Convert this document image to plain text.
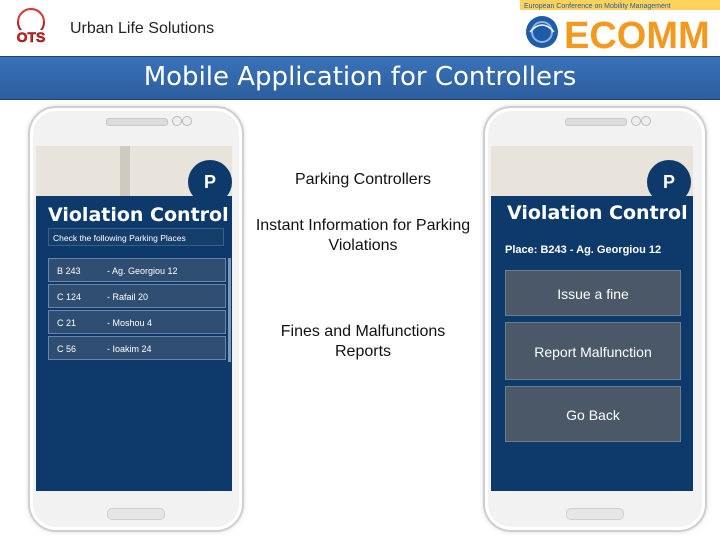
OTS Urban Life Solutions
European Conference on Mobility Management
ECOMM
Mobile Application for Controllers
P
Violation Control
Check the following Parking Places
B 243	- Ag. Georgiou 12
C 124	- Rafail 20
C 21	- Moshou 4
C 56	- Ioakim 24
Parking Controllers
Instant Information for Parking Violations
Fines and Malfunctions Reports
P
Violation Control
Place: B243 - Ag. Georgiou 12
Issue a fine
Report Malfunction
Go Back
